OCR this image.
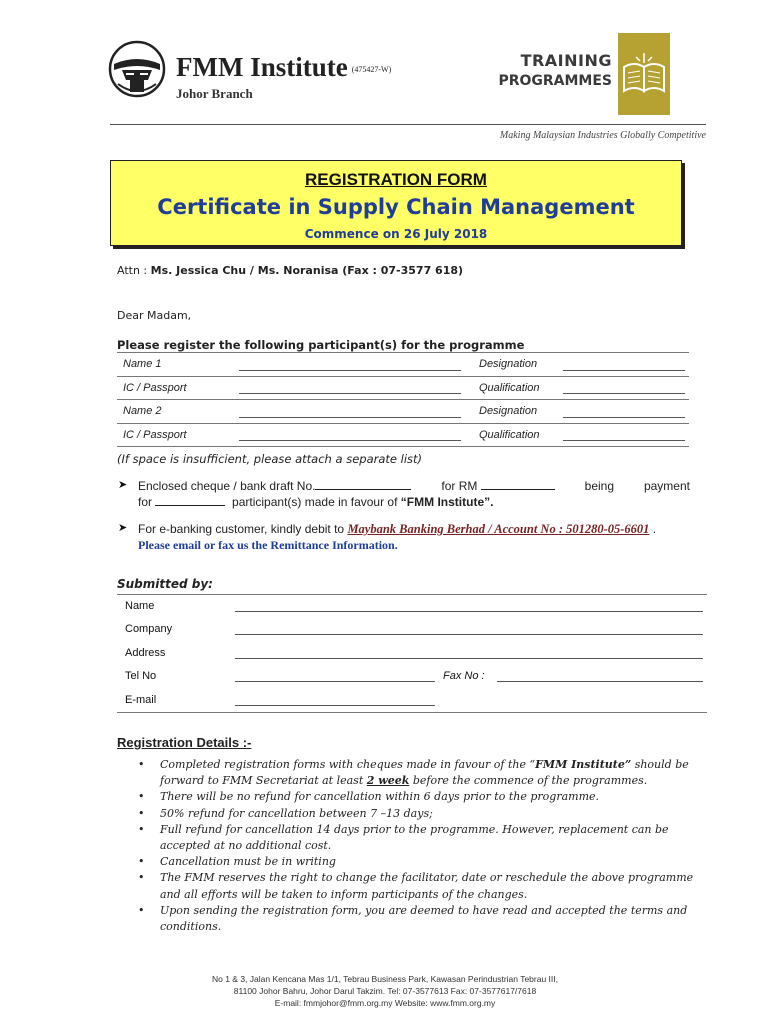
FMM Institute (475427-W)
Johor Branch
TRAINING
PROGRAMMES
Making Malaysian Industries Globally Competitive
REGISTRATION FORM
Certificate in Supply Chain Management
Commence on 26 July 2018
Attn : Ms. Jessica Chu / Ms. Noranisa (Fax : 07-3577 618)
Dear Madam,
Please register the following participant(s) for the programme
Name 1		Designation	
IC / Passport		Qualification	
Name 2		Designation	
IC / Passport		Qualification	
(If space is insufficient, please attach a separate list)
➤ Enclosed cheque / bank draft No.	for RM	being payment
for	participant(s) made in favour of “FMM Institute”.
➤ For e-banking customer, kindly debit to Maybank Banking Berhad / Account No : 501280-05-6601 . Please email or fax us the Remittance Information.
Submitted by:
Name
Company
Address
Tel No	Fax No :
E-mail
Registration Details :-
• Completed registration forms with cheques made in favour of the “FMM Institute” should be forward to FMM Secretariat at least 2 week before the commence of the programmes.
• There will be no refund for cancellation within 6 days prior to the programme.
• 50% refund for cancellation between 7 –13 days;
• Full refund for cancellation 14 days prior to the programme. However, replacement can be accepted at no additional cost.
• Cancellation must be in writing
• The FMM reserves the right to change the facilitator, date or reschedule the above programme and all efforts will be taken to inform participants of the changes.
• Upon sending the registration form, you are deemed to have read and accepted the terms and conditions.
No 1 & 3, Jalan Kencana Mas 1/1, Tebrau Business Park, Kawasan Perindustrian Tebrau III,
81100 Johor Bahru, Johor Darul Takzim. Tel: 07-3577613 Fax: 07-3577617/7618
E-mail: fmmjohor@fmm.org.my Website: www.fmm.org.my
